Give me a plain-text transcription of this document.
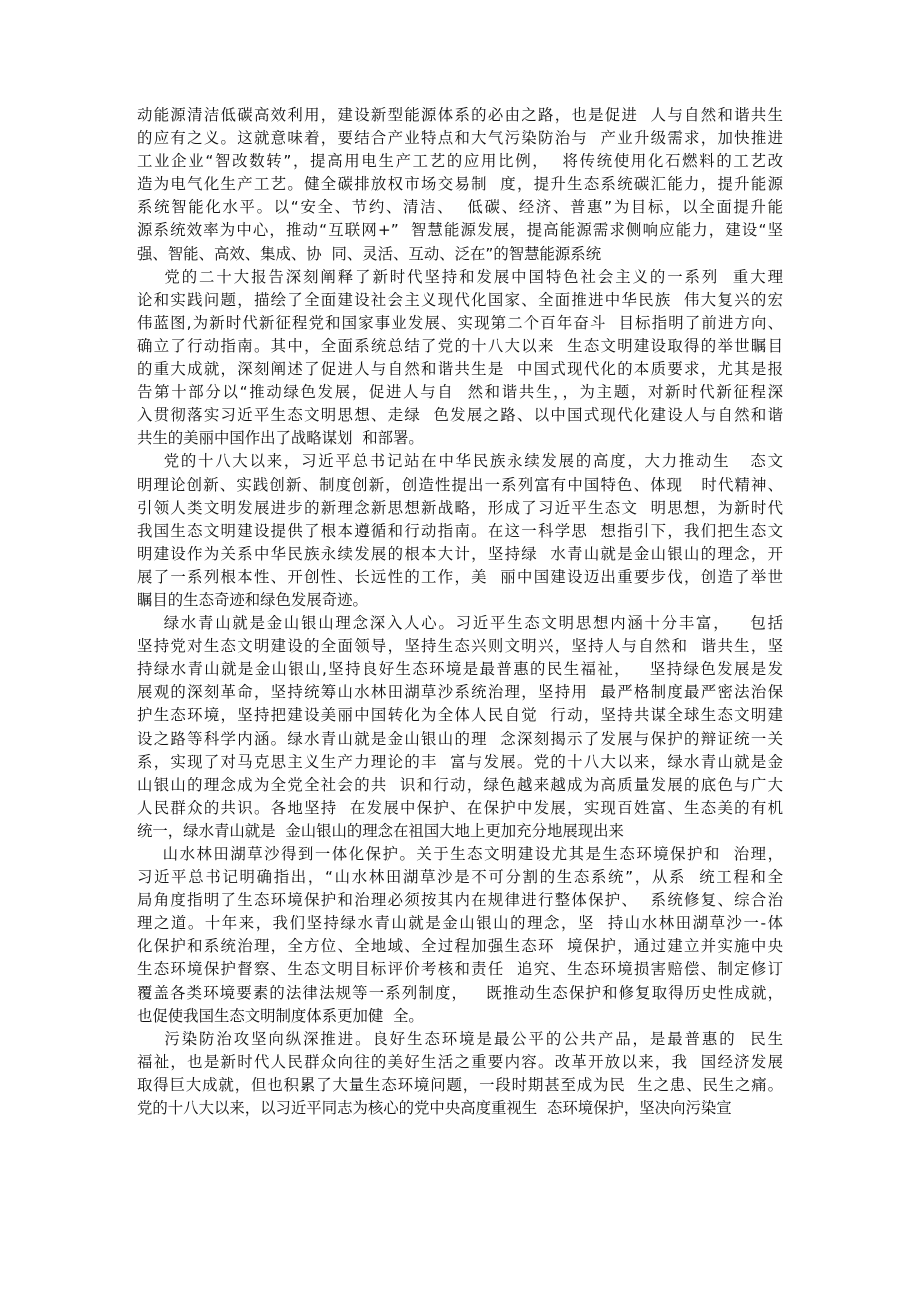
动能源清洁低碳高效利用，建设新型能源体系的必由之路，也是促进  人与自然和谐共生
的应有之义。这就意味着，要结合产业特点和大气污染防治与  产业升级需求，加快推进
工业企业“智改数转”，提高用电生产工艺的应用比例，  将传统使用化石燃料的工艺改
造为电气化生产工艺。健全碳排放权市场交易制  度，提升生态系统碳汇能力，提升能源
系统智能化水平。以“安全、节约、清洁、  低碳、经济、普惠”为目标，以全面提升能
源系统效率为中心，推动“互联网+”  智慧能源发展，提高能源需求侧响应能力，建设“坚
强、智能、高效、集成、协  同、灵活、互动、泛在”的智慧能源系统
党的二十大报告深刻阐释了新时代坚持和发展中国特色社会主义的一系列  重大理
论和实践问题，描绘了全面建设社会主义现代化国家、全面推进中华民族  伟大复兴的宏
伟蓝图,为新时代新征程党和国家事业发展、实现第二个百年奋斗  目标指明了前进方向、
确立了行动指南。其中，全面系统总结了党的十八大以来  生态文明建设取得的举世瞩目
的重大成就，深刻阐述了促进人与自然和谐共生是  中国式现代化的本质要求，尤其是报
告第十部分以“推动绿色发展，促进人与自  然和谐共生，，为主题，对新时代新征程深
入贯彻落实习近平生态文明思想、走绿  色发展之路、以中国式现代化建设人与自然和谐
共生的美丽中国作出了战略谋划  和部署。
党的十八大以来，习近平总书记站在中华民族永续发展的高度，大力推动生   态文
明理论创新、实践创新、制度创新，创造性提出一系列富有中国特色、体现   时代精神、
引领人类文明发展进步的新理念新思想新战略，形成了习近平生态文  明思想，为新时代
我国生态文明建设提供了根本遵循和行动指南。在这一科学思  想指引下，我们把生态文
明建设作为关系中华民族永续发展的根本大计，坚持绿  水青山就是金山银山的理念，开
展了一系列根本性、开创性、长远性的工作，美  丽中国建设迈出重要步伐，创造了举世
瞩目的生态奇迹和绿色发展奇迹。
绿水青山就是金山银山理念深入人心。习近平生态文明思想内涵十分丰富，   包括
坚持党对生态文明建设的全面领导，坚持生态兴则文明兴，坚持人与自然和  谐共生，坚
持绿水青山就是金山银山,坚持良好生态环境是最普惠的民生福祉，   坚持绿色发展是发
展观的深刻革命，坚持统筹山水林田湖草沙系统治理，坚持用  最严格制度最严密法治保
护生态环境，坚持把建设美丽中国转化为全体人民自觉  行动，坚持共谋全球生态文明建
设之路等科学内涵。绿水青山就是金山银山的理  念深刻揭示了发展与保护的辩证统一关
系，实现了对马克思主义生产力理论的丰  富与发展。党的十八大以来，绿水青山就是金
山银山的理念成为全党全社会的共  识和行动，绿色越来越成为高质量发展的底色与广大
人民群众的共识。各地坚持  在发展中保护、在保护中发展，实现百姓富、生态美的有机
统一，绿水青山就是  金山银山的理念在祖国大地上更加充分地展现出来
山水林田湖草沙得到一体化保护。关于生态文明建设尤其是生态环境保护和  治理，
习近平总书记明确指出，“山水林田湖草沙是不可分割的生态系统”，从系  统工程和全
局角度指明了生态环境保护和治理必须按其内在规律进行整体保护、  系统修复、综合治
理之道。十年来，我们坚持绿水青山就是金山银山的理念，坚  持山水林田湖草沙一-体
化保护和系统治理，全方位、全地域、全过程加强生态环  境保护，通过建立并实施中央
生态环境保护督察、生态文明目标评价考核和责任  追究、生态环境损害赔偿、制定修订
覆盖各类环境要素的法律法规等一系列制度，   既推动生态保护和修复取得历史性成就，
也促使我国生态文明制度体系更加健  全。
污染防治攻坚向纵深推进。良好生态环境是最公平的公共产品，是最普惠的  民生
福祉，也是新时代人民群众向往的美好生活之重要内容。改革开放以来，我  国经济发展
取得巨大成就，但也积累了大量生态环境问题，一段时期甚至成为民  生之患、民生之痛。
党的十八大以来，以习近平同志为核心的党中央高度重视生  态环境保护，坚决向污染宣
